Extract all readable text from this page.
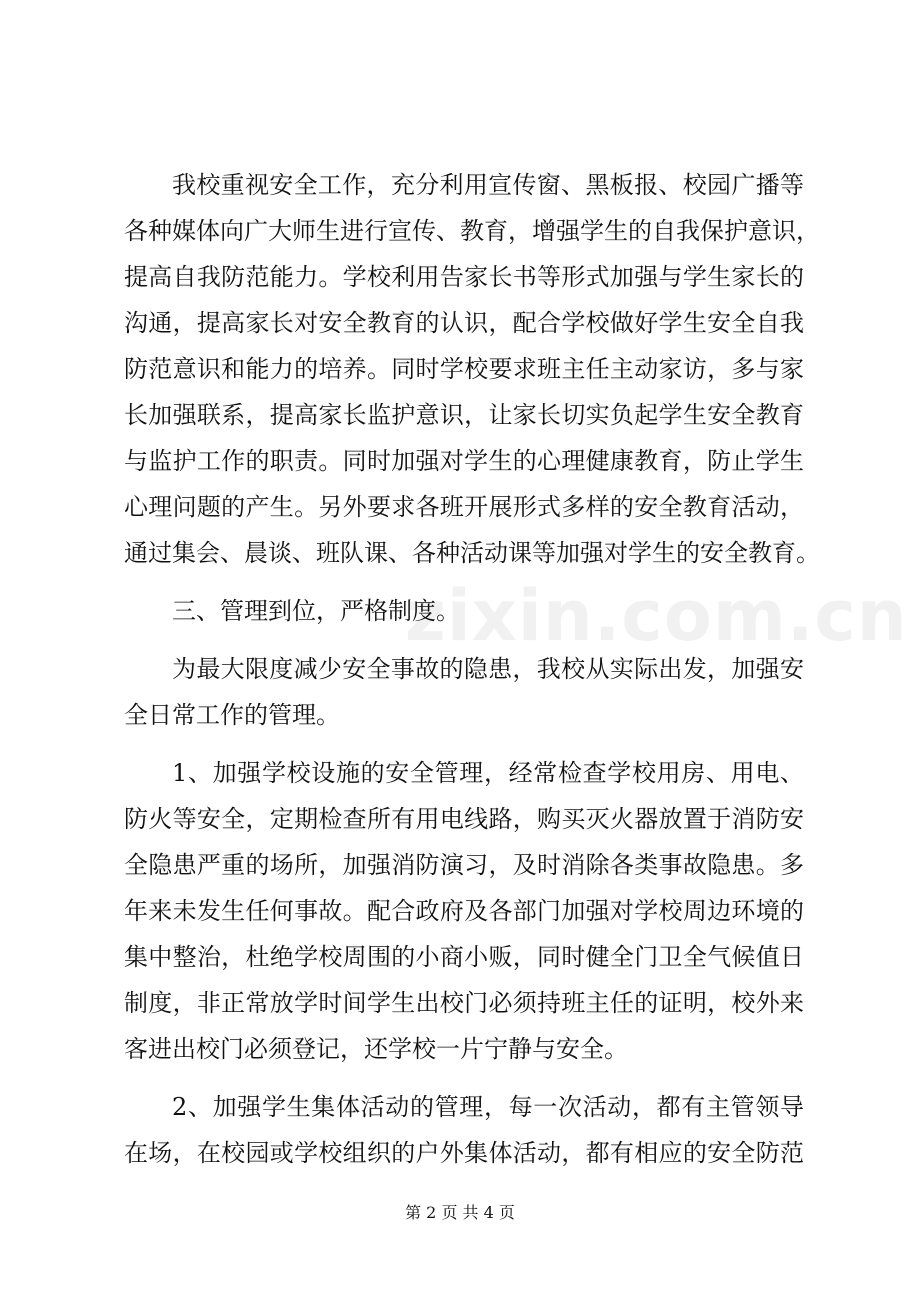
zixin.com.cn
我校重视安全工作，充分利用宣传窗、黑板报、校园广播等
各种媒体向广大师生进行宣传、教育，增强学生的自我保护意识，
提高自我防范能力。学校利用告家长书等形式加强与学生家长的
沟通，提高家长对安全教育的认识，配合学校做好学生安全自我
防范意识和能力的培养。同时学校要求班主任主动家访，多与家
长加强联系，提高家长监护意识，让家长切实负起学生安全教育
与监护工作的职责。同时加强对学生的心理健康教育，防止学生
心理问题的产生。另外要求各班开展形式多样的安全教育活动，
通过集会、晨谈、班队课、各种活动课等加强对学生的安全教育。
三、管理到位，严格制度。
为最大限度减少安全事故的隐患，我校从实际出发，加强安
全日常工作的管理。
1、加强学校设施的安全管理，经常检查学校用房、用电、
防火等安全，定期检查所有用电线路，购买灭火器放置于消防安
全隐患严重的场所，加强消防演习，及时消除各类事故隐患。多
年来未发生任何事故。配合政府及各部门加强对学校周边环境的
集中整治，杜绝学校周围的小商小贩，同时健全门卫全气候值日
制度，非正常放学时间学生出校门必须持班主任的证明，校外来
客进出校门必须登记，还学校一片宁静与安全。
2、加强学生集体活动的管理，每一次活动，都有主管领导
在场，在校园或学校组织的户外集体活动，都有相应的安全防范
第 2 页 共 4 页
